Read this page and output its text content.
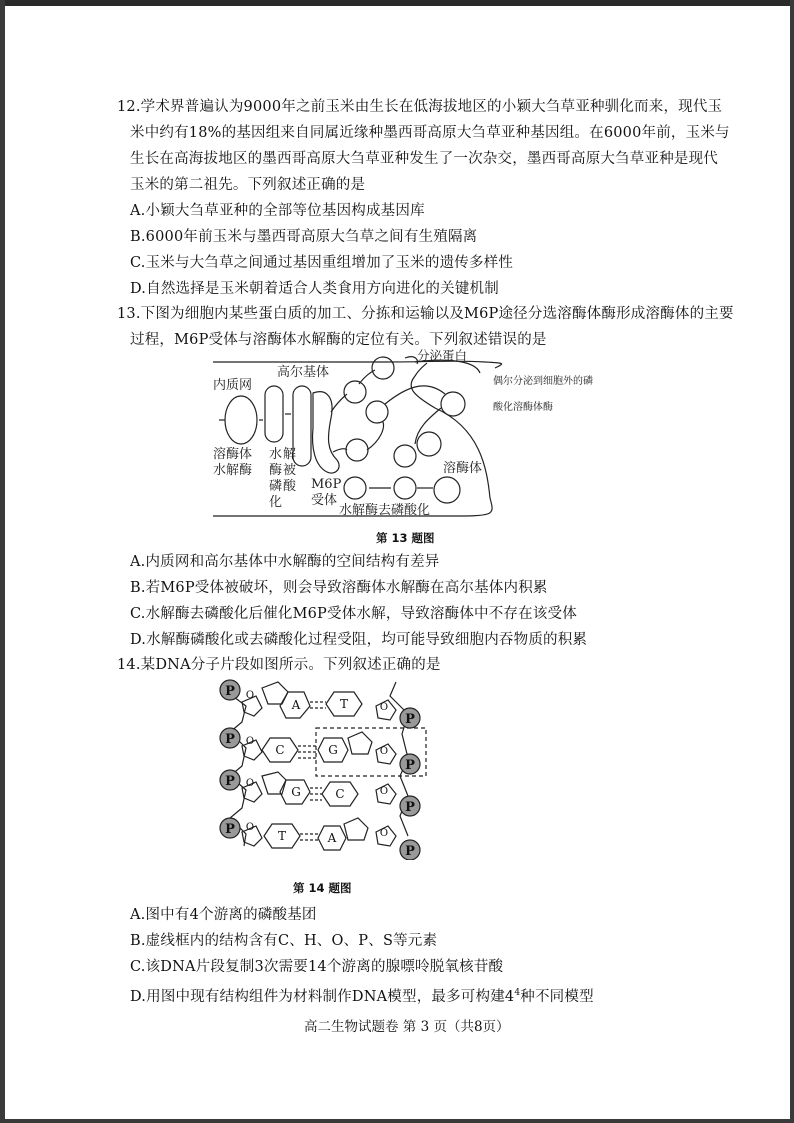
12.学术界普遍认为9000年之前玉米由生长在低海拔地区的小颖大刍草亚种驯化而来，现代玉
米中约有18%的基因组来自同属近缘种墨西哥高原大刍草亚种基因组。在6000年前，玉米与
生长在高海拔地区的墨西哥高原大刍草亚种发生了一次杂交，墨西哥高原大刍草亚种是现代
玉米的第二祖先。下列叙述正确的是
A.小颖大刍草亚种的全部等位基因构成基因库
B.6000年前玉米与墨西哥高原大刍草之间有生殖隔离
C.玉米与大刍草之间通过基因重组增加了玉米的遗传多样性
D.自然选择是玉米朝着适合人类食用方向进化的关键机制
13.下图为细胞内某些蛋白质的加工、分拣和运输以及M6P途径分选溶酶体酶形成溶酶体的主要
过程，M6P受体与溶酶体水解酶的定位有关。下列叙述错误的是
高尔基体
分泌蛋白
内质网
溶酶体
水解酶
水 解
酶 被
磷 酸
化
M6P
受体
水解酶去磷酸化
溶酶体
偶尔分泌到细胞外的磷
酸化溶酶体酶
第 13 题图
A.内质网和高尔基体中水解酶的空间结构有差异
B.若M6P受体被破坏，则会导致溶酶体水解酶在高尔基体内积累
C.水解酶去磷酸化后催化M6P受体水解，导致溶酶体中不存在该受体
D.水解酶磷酸化或去磷酸化过程受阻，均可能导致细胞内吞物质的积累
14.某DNA分子片段如图所示。下列叙述正确的是
P
P
P
P
P
P
P
P
O
O
O
O
O
O
O
O
A
C
G
T
T
G
C
A
第 14 题图
A.图中有4个游离的磷酸基团
B.虚线框内的结构含有C、H、O、P、S等元素
C.该DNA片段复制3次需要14个游离的腺嘌呤脱氧核苷酸
D.用图中现有结构组件为材料制作DNA模型，最多可构建$4^4$种不同模型
高二生物试题卷 第 3 页（共8页）
